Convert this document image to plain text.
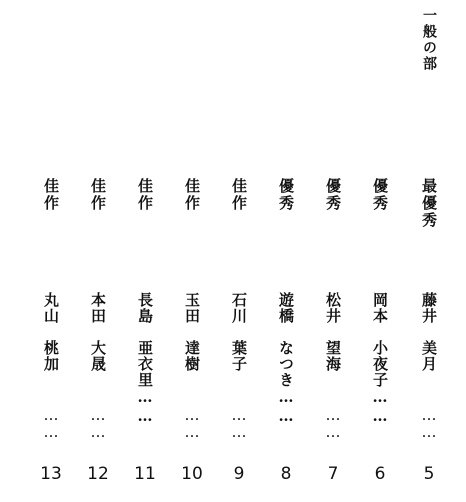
一般の部
最優秀
藤井　美月
……
5
優秀
岡本　小夜子……
6
優秀
松井　望海
……
7
優秀
遊橋　なつき……
8
佳作
石川　葉子
……
9
佳作
玉田　達樹
……
10
佳作
長島　亜衣里……
11
佳作
本田　大晟
……
12
佳作
丸山　桃加
……
13
